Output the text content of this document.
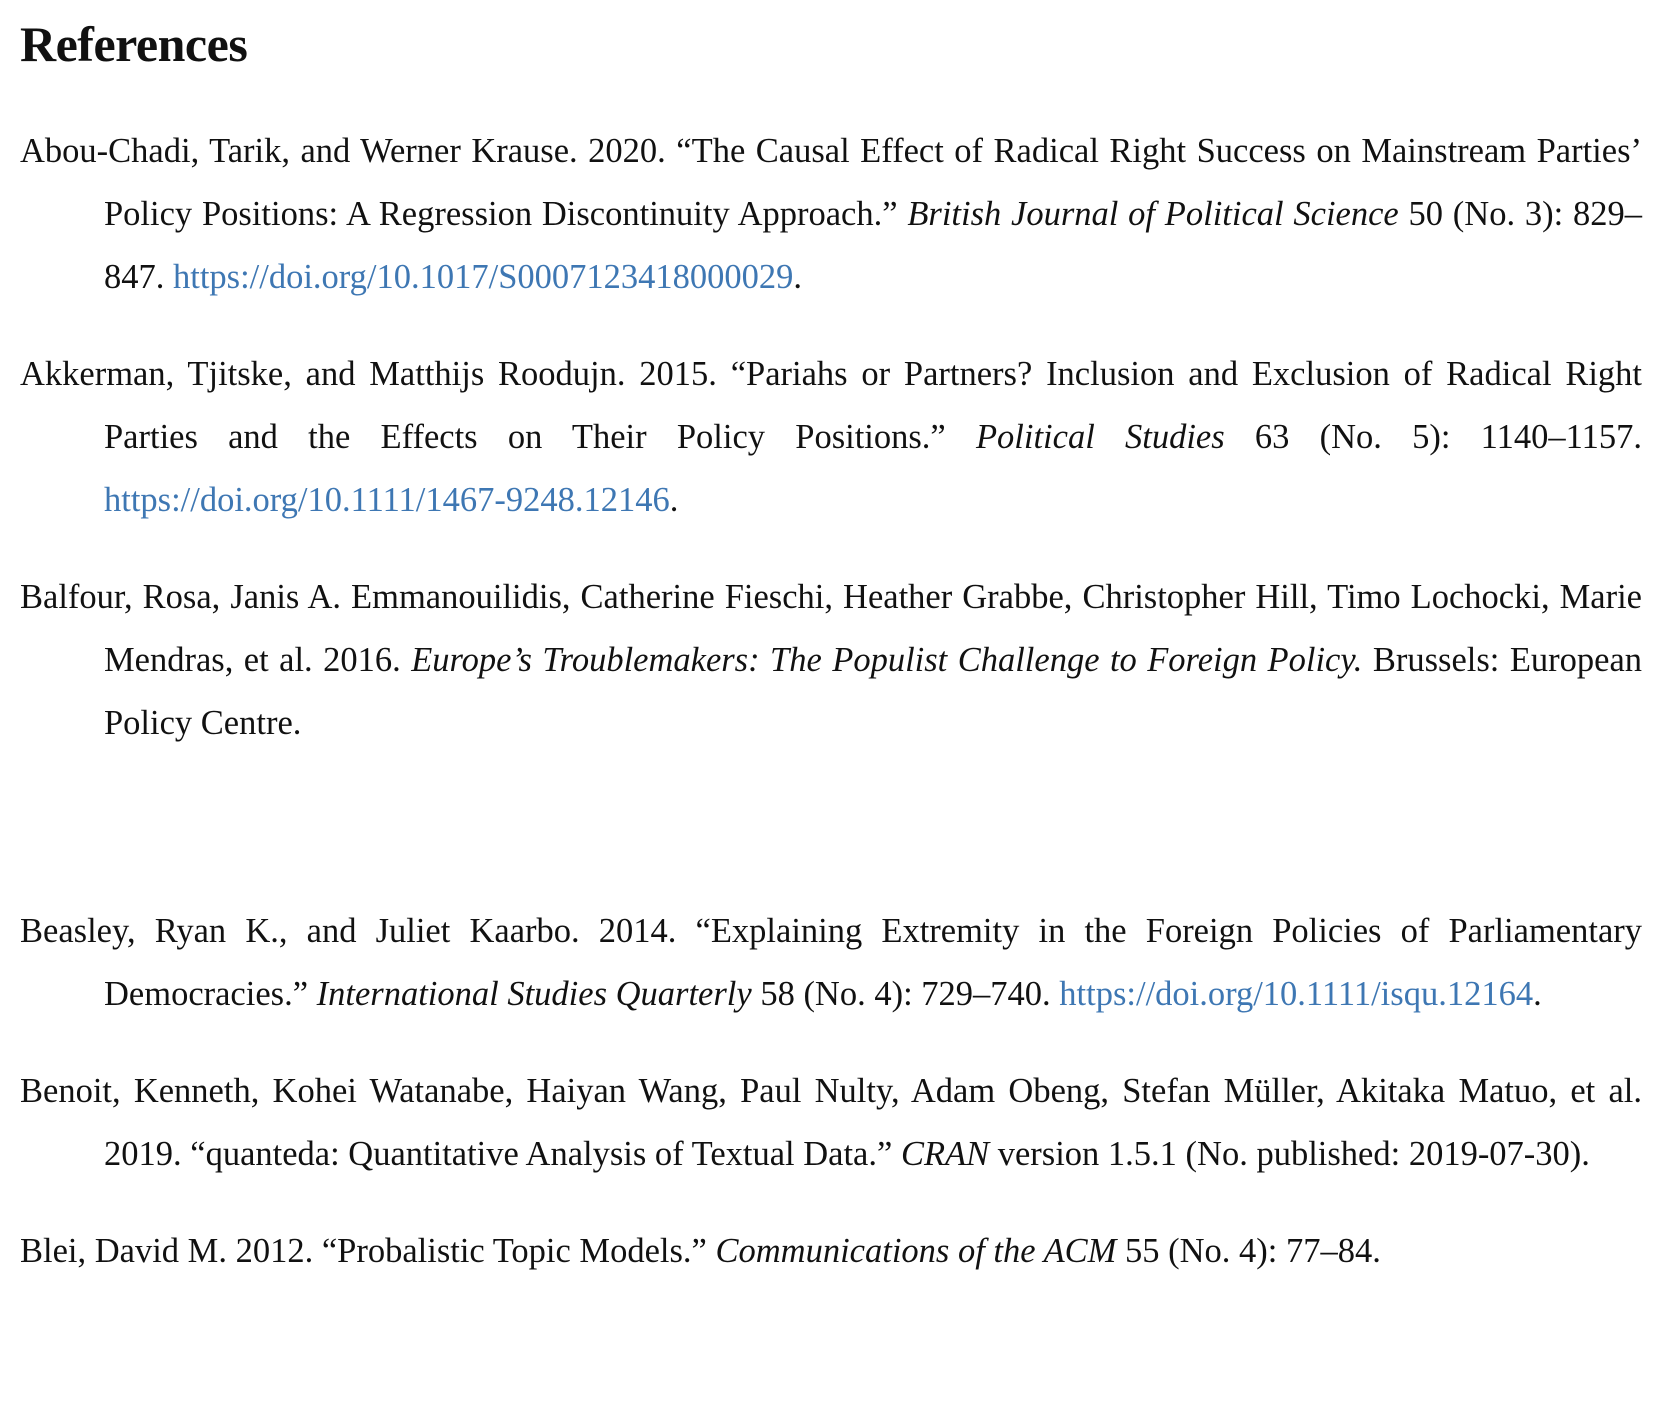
References
Abou-Chadi, Tarik, and Werner Krause. 2020. “The Causal Effect of Radical Right Success on Mainstream Parties’ Policy Positions: A Regression Discontinuity Approach.” British Journal of Political Science 50 (No. 3): 829–847. https://doi.org/10.1017/S0007123418000029.
Akkerman, Tjitske, and Matthijs Roodujn. 2015. “Pariahs or Partners? Inclusion and Exclusion of Radical Right Parties and the Effects on Their Policy Positions.” Political Studies 63 (No. 5): 1140–1157. https://doi.org/10.1111/1467-9248.12146.
Balfour, Rosa, Janis A. Emmanouilidis, Catherine Fieschi, Heather Grabbe, Christopher Hill, Timo Lochocki, Marie Mendras, et al. 2016. Europe’s Troublemakers: The Populist Challenge to Foreign Policy. Brussels: European Policy Centre.
Beasley, Ryan K., and Juliet Kaarbo. 2014. “Explaining Extremity in the Foreign Policies of Parliamentary Democracies.” International Studies Quarterly 58 (No. 4): 729–740. https://doi.org/10.1111/isqu.12164.
Benoit, Kenneth, Kohei Watanabe, Haiyan Wang, Paul Nulty, Adam Obeng, Stefan Müller, Akitaka Matuo, et al. 2019. “quanteda: Quantitative Analysis of Textual Data.” CRAN version 1.5.1 (No. published: 2019-07-30).
Blei, David M. 2012. “Probalistic Topic Models.” Communications of the ACM 55 (No. 4): 77–84.
